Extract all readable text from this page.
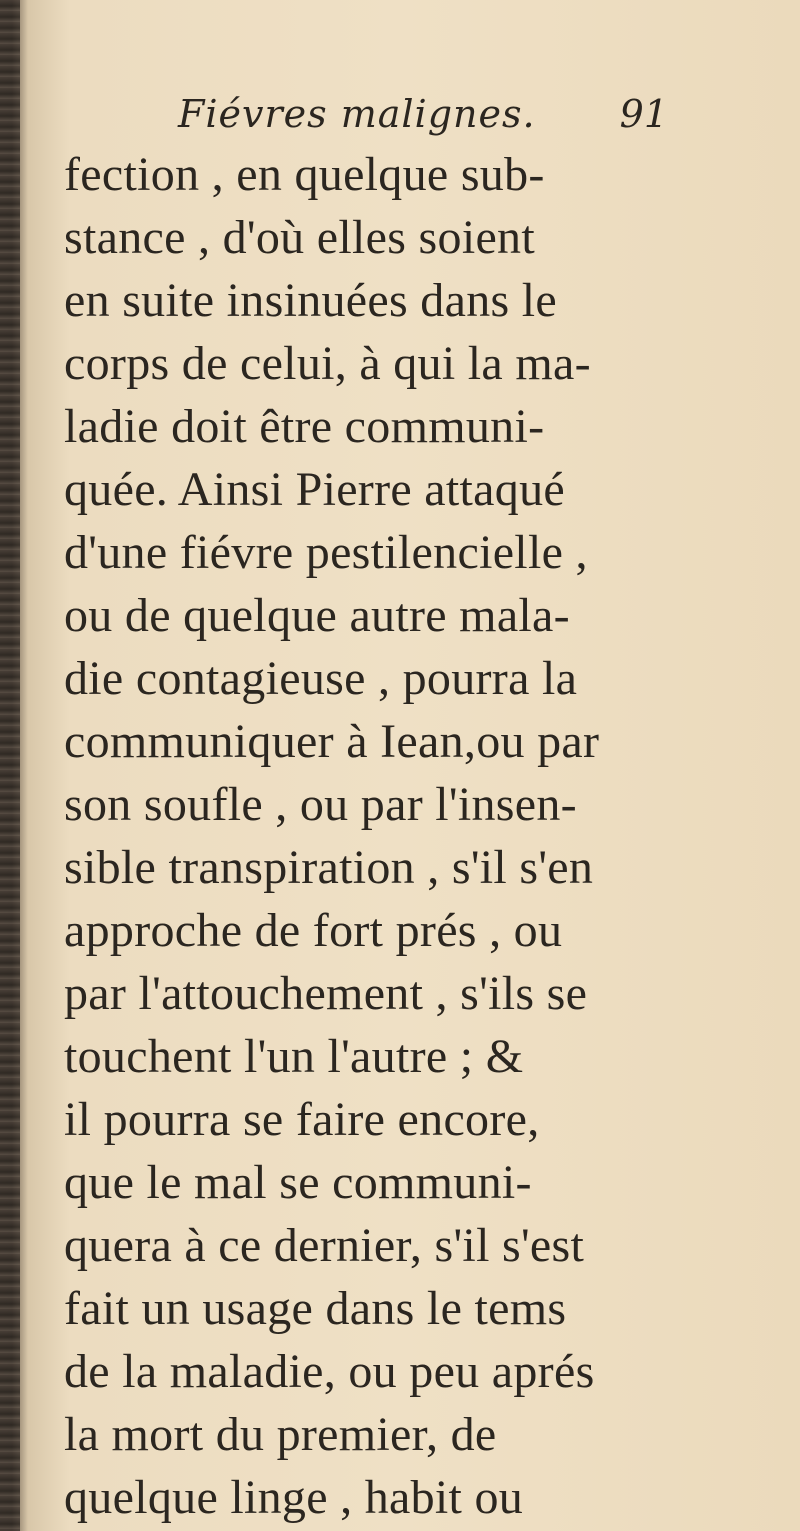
Fiévres malignes. 91
fection , en quelque sub-
stance , d'où elles soient
en suite insinuées dans le
corps de celui, à qui la ma-
ladie doit être communi-
quée. Ainsi Pierre attaqué
d'une fiévre pestilencielle ,
ou de quelque autre mala-
die contagieuse , pourra la
communiquer à Iean,ou par
son soufle , ou par l'insen-
sible transpiration , s'il s'en
approche de fort prés , ou
par l'attouchement , s'ils se
touchent l'un l'autre ; &
il pourra se faire encore,
que le mal se communi-
quera à ce dernier, s'il s'est
fait un usage dans le tems
de la maladie, ou peu aprés
la mort du premier, de
quelque linge , habit ou
